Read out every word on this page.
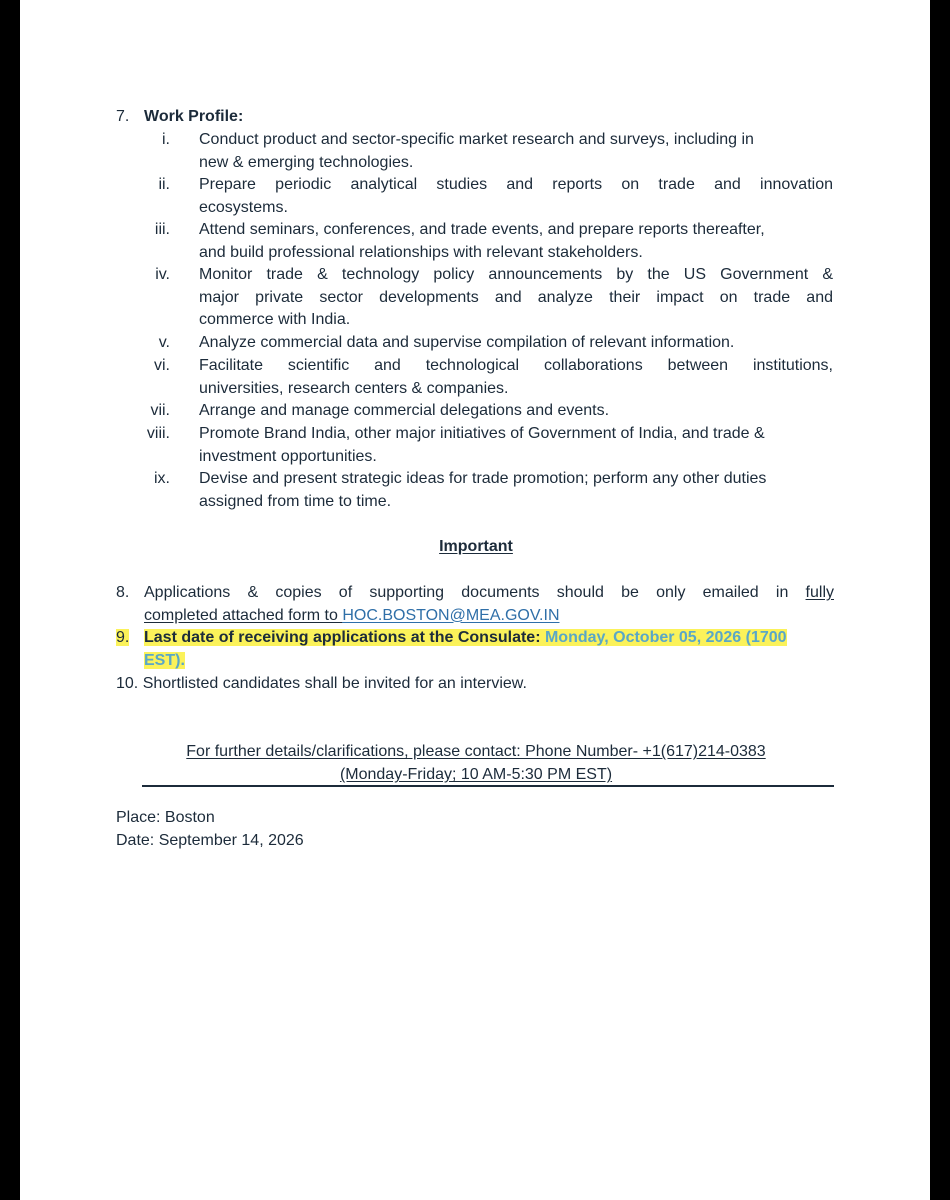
7. Work Profile:
i. Conduct product and sector-specific market research and surveys, including in
new & emerging technologies.
ii. Prepare periodic analytical studies and reports on trade and innovation
ecosystems.
iii. Attend seminars, conferences, and trade events, and prepare reports thereafter,
and build professional relationships with relevant stakeholders.
iv. Monitor trade & technology policy announcements by the US Government &
major private sector developments and analyze their impact on trade and
commerce with India.
v. Analyze commercial data and supervise compilation of relevant information.
vi. Facilitate scientific and technological collaborations between institutions,
universities, research centers & companies.
vii. Arrange and manage commercial delegations and events.
viii. Promote Brand India, other major initiatives of Government of India, and trade &
investment opportunities.
ix. Devise and present strategic ideas for trade promotion; perform any other duties
assigned from time to time.
Important
8. Applications & copies of supporting documents should be only emailed in fully
completed attached form to HOC.BOSTON@MEA.GOV.IN
9. Last date of receiving applications at the Consulate: Monday, October 05, 2026 (1700
EST).
10. Shortlisted candidates shall be invited for an interview.
For further details/clarifications, please contact: Phone Number- +1(617)214-0383
(Monday-Friday; 10 AM-5:30 PM EST)
Place: Boston
Date: September 14, 2026
